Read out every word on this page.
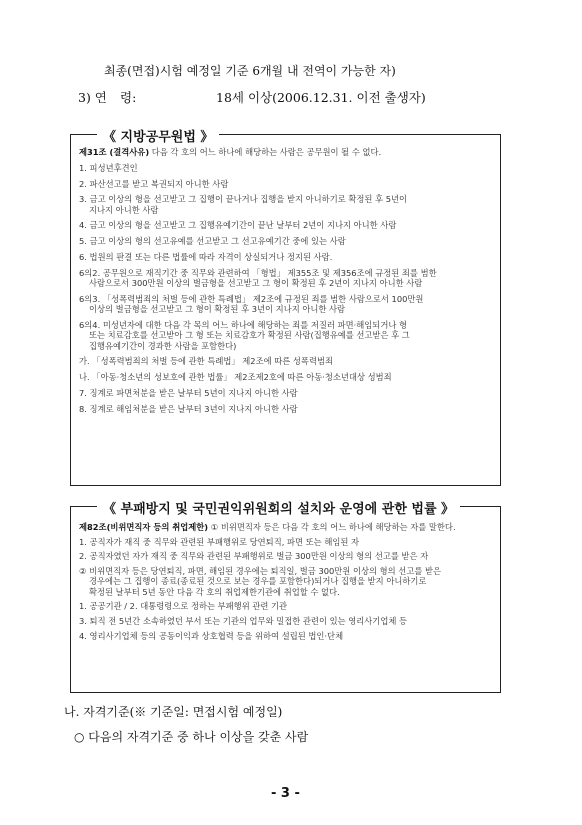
최종(면접)시험 예정일 기준 6개월 내 전역이 가능한 자)
3) 연 령:	18세 이상(2006.12.31. 이전 출생자)
《 지방공무원법 》
제31조 (결격사유) 다음 각 호의 어느 하나에 해당하는 사람은 공무원이 될 수 없다.
1. 피성년후견인
2. 파산선고를 받고 복권되지 아니한 사람
3. 금고 이상의 형을 선고받고 그 집행이 끝나거나 집행을 받지 아니하기로 확정된 후 5년이
지나지 아니한 사람
4. 금고 이상의 형을 선고받고 그 집행유예기간이 끝난 날부터 2년이 지나지 아니한 사람
5. 금고 이상의 형의 선고유예를 선고받고 그 선고유예기간 중에 있는 사람
6. 법원의 판결 또는 다른 법률에 따라 자격이 상실되거나 정지된 사람.
6의2. 공무원으로 재직기간 중 직무와 관련하여 「형법」 제355조 및 제356조에 규정된 죄를 범한
사람으로서 300만원 이상의 벌금형을 선고받고 그 형이 확정된 후 2년이 지나지 아니한 사람
6의3. 「성폭력범죄의 처벌 등에 관한 특례법」 제2조에 규정된 죄를 범한 사람으로서 100만원
이상의 벌금형을 선고받고 그 형이 확정된 후 3년이 지나지 아니한 사람
6의4. 미성년자에 대한 다음 각 목의 어느 하나에 해당하는 죄를 저질러 파면·해임되거나 형
또는 치료감호를 선고받아 그 형 또는 치료감호가 확정된 사람(집행유예를 선고받은 후 그
집행유예기간이 경과한 사람을 포함한다)
가. 「성폭력범죄의 처벌 등에 관한 특례법」 제2조에 따른 성폭력범죄
나. 「아동·청소년의 성보호에 관한 법률」 제2조제2호에 따른 아동·청소년대상 성범죄
7. 징계로 파면처분을 받은 날부터 5년이 지나지 아니한 사람
8. 징계로 해임처분을 받은 날부터 3년이 지나지 아니한 사람
《 부패방지 및 국민권익위원회의 설치와 운영에 관한 법률 》
제82조(비위면직자 등의 취업제한) ① 비위면직자 등은 다음 각 호의 어느 하나에 해당하는 자를 말한다.
1. 공직자가 재직 중 직무와 관련된 부패행위로 당연퇴직, 파면 또는 해임된 자
2. 공직자였던 자가 재직 중 직무와 관련된 부패행위로 벌금 300만원 이상의 형의 선고를 받은 자
② 비위면직자 등은 당연퇴직, 파면, 해임된 경우에는 퇴직일, 벌금 300만원 이상의 형의 선고를 받은
경우에는 그 집행이 종료(종료된 것으로 보는 경우를 포함한다)되거나 집행을 받지 아니하기로
확정된 날부터 5년 동안 다음 각 호의 취업제한기관에 취업할 수 없다.
1. 공공기관 / 2. 대통령령으로 정하는 부패행위 관련 기관
3. 퇴직 전 5년간 소속하였던 부서 또는 기관의 업무와 밀접한 관련이 있는 영리사기업체 등
4. 영리사기업체 등의 공동이익과 상호협력 등을 위하여 설립된 법인·단체
나. 자격기준(※ 기준일: 면접시험 예정일)
○ 다음의 자격기준 중 하나 이상을 갖춘 사람
- 3 -
